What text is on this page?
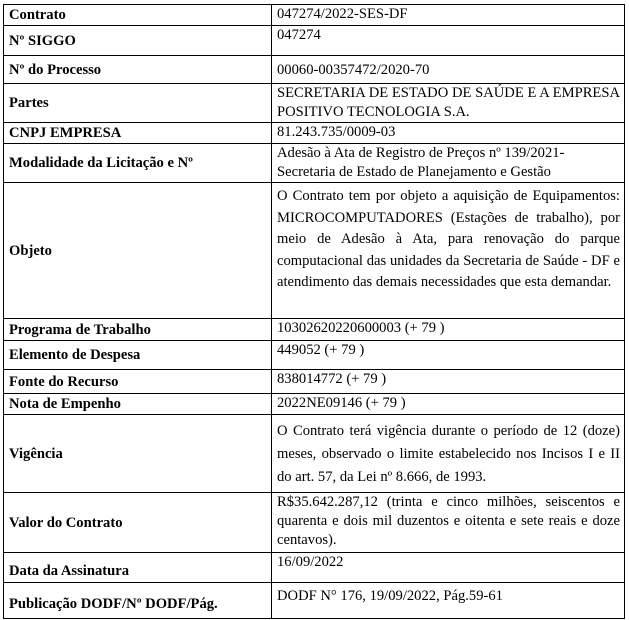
Contrato	047274/2022-SES-DF
Nº SIGGO	047274
Nº do Processo	00060-00357472/2020-70
Partes	SECRETARIA DE ESTADO DE SAÚDE E A EMPRESA POSITIVO TECNOLOGIA S.A.
CNPJ EMPRESA	81.243.735/0009-03
Modalidade da Licitação e Nº	Adesão à Ata de Registro de Preços nº 139/2021- Secretaria de Estado de Planejamento e Gestão
Objeto	O Contrato tem por objeto a aquisição de Equipamentos: MICROCOMPUTADORES (Estações de trabalho), por meio de Adesão à Ata, para renovação do parque computacional das unidades da Secretaria de Saúde - DF e atendimento das demais necessidades que esta demandar.
Programa de Trabalho	10302620220600003 (+ 79 )
Elemento de Despesa	449052 (+ 79 )
Fonte do Recurso	838014772 (+ 79 )
Nota de Empenho	2022NE09146 (+ 79 )
Vigência	O Contrato terá vigência durante o período de 12 (doze) meses, observado o limite estabelecido nos Incisos I e II do art. 57, da Lei nº 8.666, de 1993.
Valor do Contrato	R$35.642.287,12 (trinta e cinco milhões, seiscentos e quarenta e dois mil duzentos e oitenta e sete reais e doze centavos).
Data da Assinatura	16/09/2022
Publicação DODF/Nº DODF/Pág.	DODF N° 176, 19/09/2022, Pág.59-61
